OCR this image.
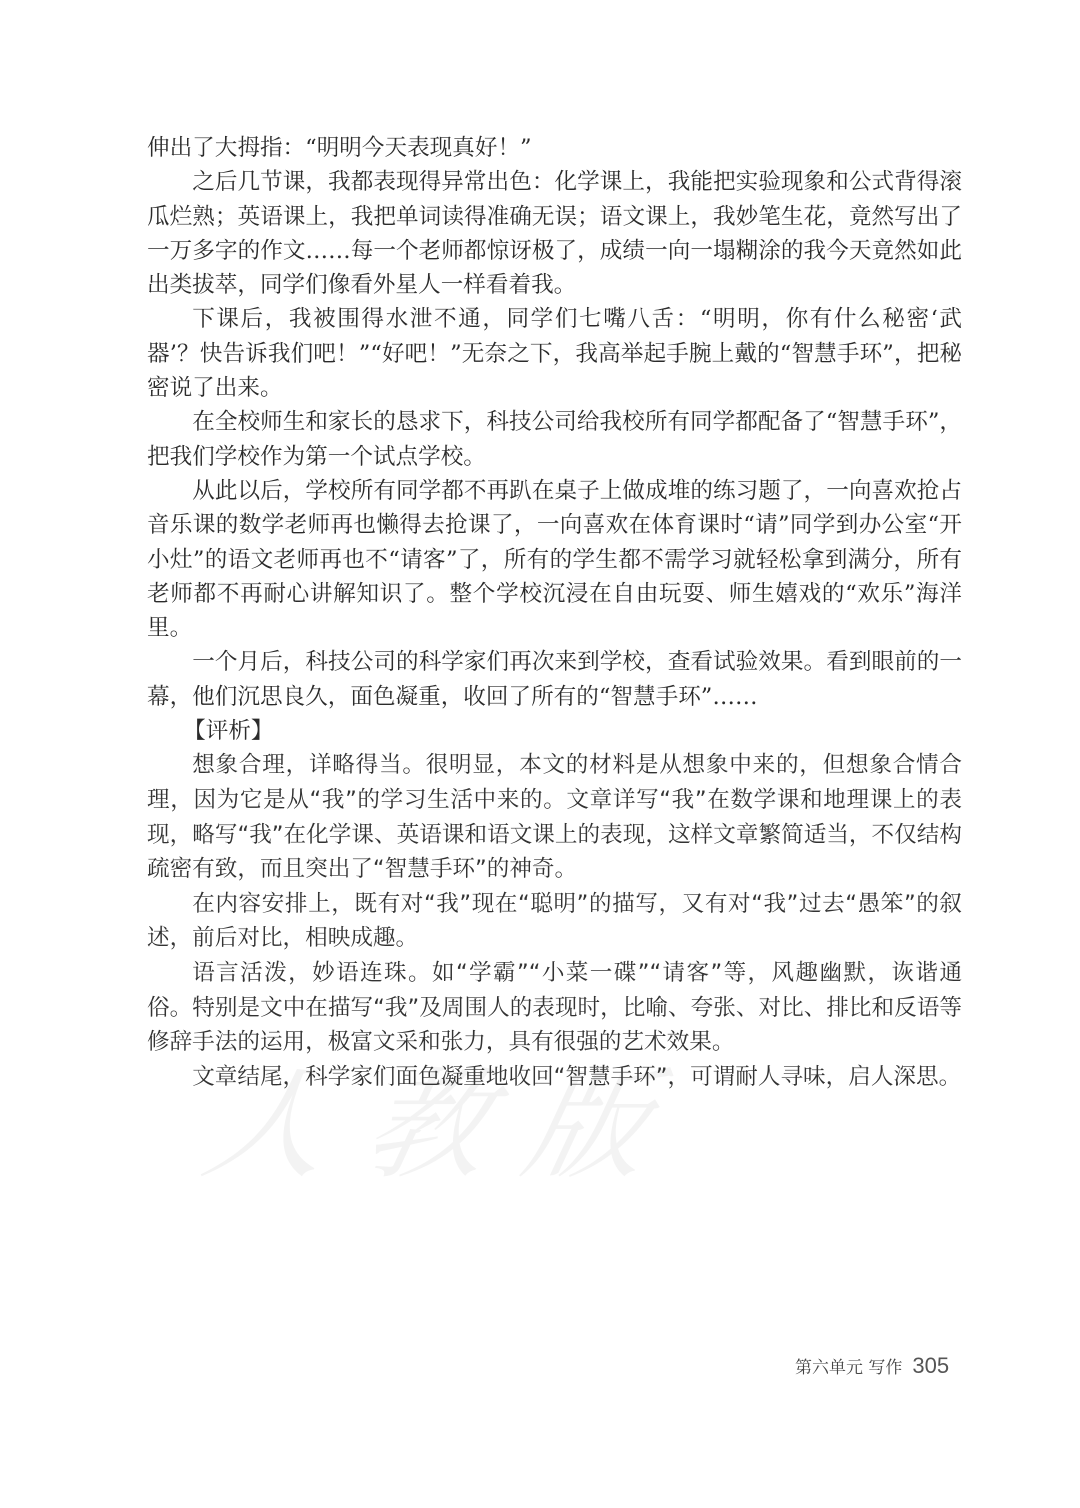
伸出了大拇指：“明明今天表现真好！”

之后几节课，我都表现得异常出色：化学课上，我能把实验现象和公式背得滚瓜烂熟；英语课上，我把单词读得准确无误；语文课上，我妙笔生花，竟然写出了一万多字的作文……每一个老师都惊讶极了，成绩一向一塌糊涂的我今天竟然如此出类拔萃，同学们像看外星人一样看着我。

下课后，我被围得水泄不通，同学们七嘴八舌：“明明，你有什么秘密‘武器’？快告诉我们吧！”“好吧！”无奈之下，我高举起手腕上戴的“智慧手环”，把秘密说了出来。

在全校师生和家长的恳求下，科技公司给我校所有同学都配备了“智慧手环”，把我们学校作为第一个试点学校。

从此以后，学校所有同学都不再趴在桌子上做成堆的练习题了，一向喜欢抢占音乐课的数学老师再也懒得去抢课了，一向喜欢在体育课时“请”同学到办公室“开小灶”的语文老师再也不“请客”了，所有的学生都不需学习就轻松拿到满分，所有老师都不再耐心讲解知识了。整个学校沉浸在自由玩耍、师生嬉戏的“欢乐”海洋里。

一个月后，科技公司的科学家们再次来到学校，查看试验效果。看到眼前的一幕，他们沉思良久，面色凝重，收回了所有的“智慧手环”……

【评析】

想象合理，详略得当。很明显，本文的材料是从想象中来的，但想象合情合理，因为它是从“我”的学习生活中来的。文章详写“我”在数学课和地理课上的表现，略写“我”在化学课、英语课和语文课上的表现，这样文章繁简适当，不仅结构疏密有致，而且突出了“智慧手环”的神奇。

在内容安排上，既有对“我”现在“聪明”的描写，又有对“我”过去“愚笨”的叙述，前后对比，相映成趣。

语言活泼，妙语连珠。如“学霸”“小菜一碟”“请客”等，风趣幽默，诙谐通俗。特别是文中在描写“我”及周围人的表现时，比喻、夸张、对比、排比和反语等修辞手法的运用，极富文采和张力，具有很强的艺术效果。

文章结尾，科学家们面色凝重地收回“智慧手环”，可谓耐人寻味，启人深思。

第六单元 写作 305
